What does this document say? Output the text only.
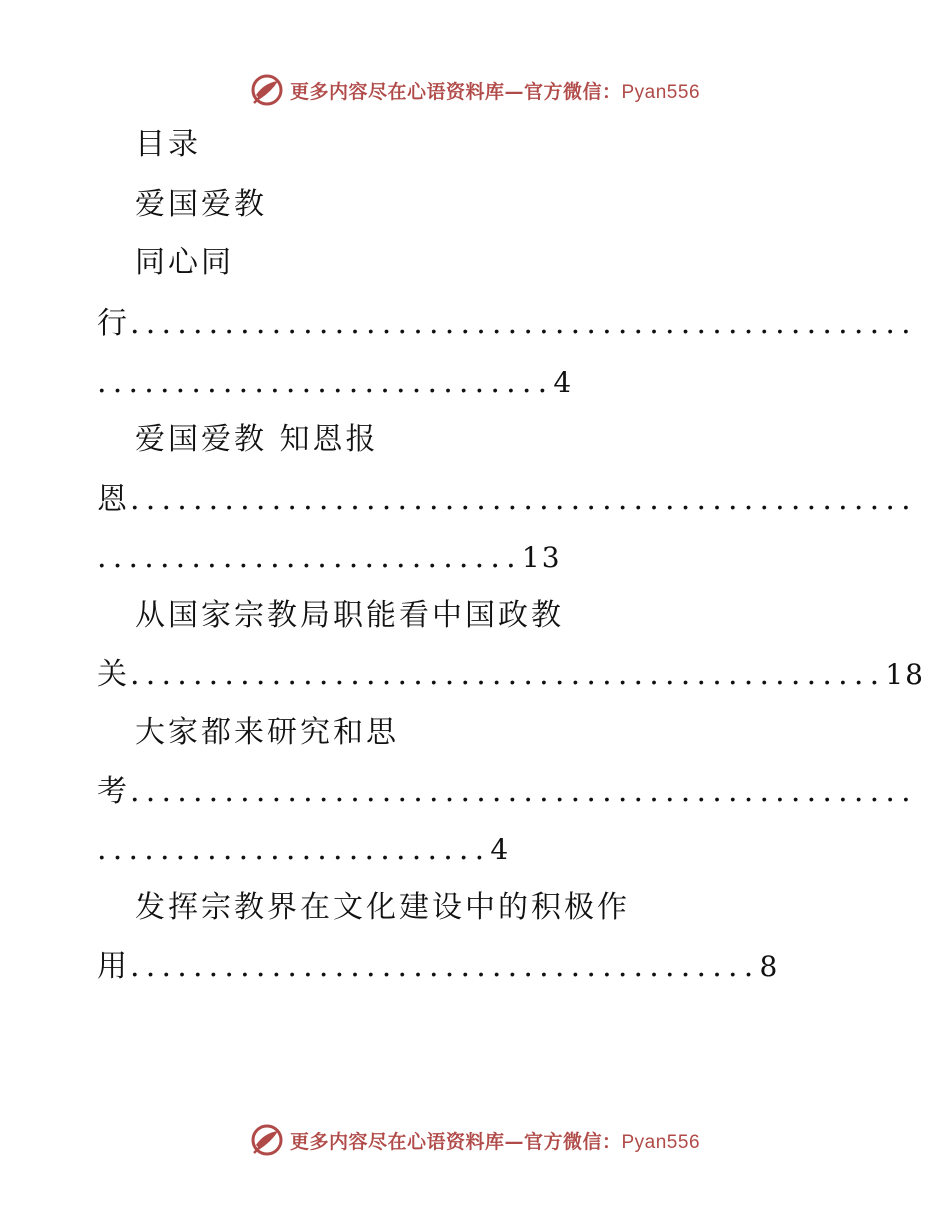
更多内容尽在心语资料库—官方微信：Pyan556
目录
爱国爱教
同心同
行..................................................
.............................4
爱国爱教 知恩报
恩..................................................
...........................13
从国家宗教局职能看中国政教
关................................................18
大家都来研究和思
考..................................................
.........................4
发挥宗教界在文化建设中的积极作
用........................................8
更多内容尽在心语资料库—官方微信：Pyan556
